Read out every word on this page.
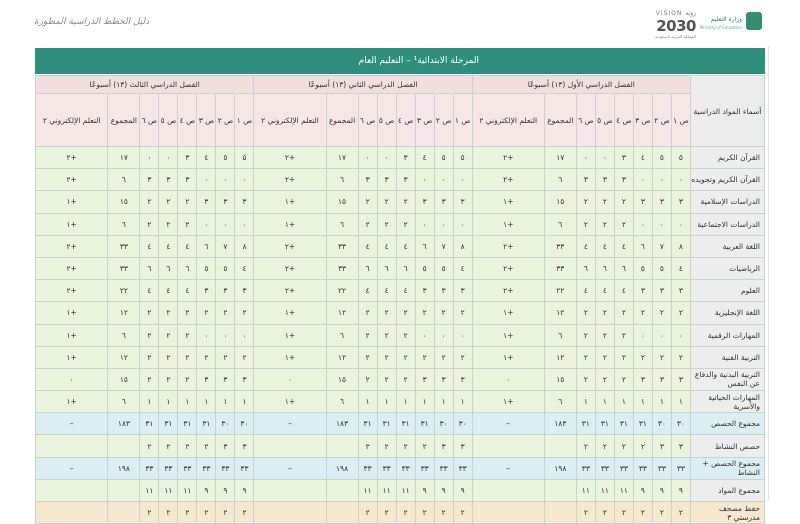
دليل الخطط الدراسية المطورة
VISION رؤية
2030
المملكة العربية السعودية
وزارة التعليم
Ministry of Education
المرحلة الابتدائية¹ – التعليم العام
أسماء المواد الدراسية	الفصل الدراسي الأول (١٣) أسبوعًا								الفصل الدراسي الثاني (١٣) أسبوعًا								الفصل الدراسي الثالث (١٣) أسبوعًا							
	ص ١	ص ٢	ص ٣	ص ٤	ص ٥	ص ٦	المجموع	التعلم الإلكتروني ٢	ص ١	ص ٢	ص ٣	ص ٤	ص ٥	ص ٦	المجموع	التعلم الإلكتروني ٢	ص ١	ص ٢	ص ٣	ص ٤	ص ٥	ص ٦	المجموع	التعلم الإلكتروني ٢
القرآن الكريم	٥	٥	٤	٣	٠	٠	١٧	+٢	٥	٥	٤	٣	٠	٠	١٧	+٢	٥	٥	٤	٣	٠	٠	١٧	+٢
القرآن الكريم وتجويده	٠	٠	٠	٣	٣	٣	٦	+٢	٠	٠	٠	٣	٣	٣	٦	+٢	٠	٠	٠	٣	٣	٣	٦	+٢
الدراسات الإسلامية	٣	٣	٣	٢	٢	٢	١٥	+١	٣	٣	٣	٢	٢	٢	١٥	+١	٣	٣	٣	٢	٢	٢	١٥	+١
الدراسات الاجتماعية	٠	٠	٠	٢	٢	٢	٦	+١	٠	٠	٠	٢	٢	٢	٦	+١	٠	٠	٠	٢	٢	٢	٦	+١
اللغة العربية	٨	٧	٦	٤	٤	٤	٣٣	+٢	٨	٧	٦	٤	٤	٤	٣٣	+٢	٨	٧	٦	٤	٤	٤	٣٣	+٢
الرياضيات	٤	٥	٥	٦	٦	٦	٣٣	+٢	٤	٥	٥	٦	٦	٦	٣٣	+٢	٤	٥	٥	٦	٦	٦	٣٣	+٢
العلوم	٣	٣	٣	٤	٤	٤	٢٢	+٢	٣	٣	٣	٤	٤	٤	٢٢	+٢	٣	٣	٣	٤	٤	٤	٢٢	+٢
اللغة الإنجليزية	٢	٢	٢	٢	٢	٢	١٢	+١	٢	٢	٢	٢	٢	٢	١٢	+١	٢	٢	٢	٢	٢	٢	١٢	+١
المهارات الرقمية	٠	٠	٠	٢	٢	٢	٦	+١	٠	٠	٠	٢	٢	٢	٦	+١	٠	٠	٠	٢	٢	٢	٦	+١
التربية الفنية	٢	٢	٢	٢	٢	٢	١٢	+١	٢	٢	٢	٢	٢	٢	١٢	+١	٢	٢	٢	٢	٢	٢	١٢	+١
التربية البدنية والدفاع عن النفس	٣	٣	٣	٢	٢	٢	١٥	٠	٣	٣	٣	٢	٢	٢	١٥	٠	٣	٣	٣	٢	٢	٢	١٥	٠
المهارات الحياتية والأسرية	١	١	١	١	١	١	٦	+١	١	١	١	١	١	١	٦	+١	١	١	١	١	١	١	٦	+١
مجموع الحصص	٣٠	٣٠	٣١	٣١	٣١	٣١	١٨٣	–	٣٠	٣٠	٣١	٣١	٣١	٣١	١٨٣	–	٣٠	٣٠	٣١	٣١	٣١	٣١	١٨٣	–
حصص النشاط	٣	٣	٢	٢	٢	٢			٣	٣	٢	٢	٢	٢			٣	٣	٢	٢	٢	٢		
مجموع الحصص + النشاط	٣٣	٣٣	٣٣	٣٣	٣٣	٣٣	١٩٨	–	٣٣	٣٣	٣٣	٣٣	٣٣	٣٣	١٩٨	–	٣٣	٣٣	٣٣	٣٣	٣٣	٣٣	١٩٨	–
مجموع المواد	٩	٩	٩	١١	١١	١١			٩	٩	٩	١١	١١	١١			٩	٩	٩	١١	١١	١١		
حفظ مصحف مدرستي ٣	٢	٢	٢	٢	٢	٢			٢	٢	٢	٢	٢	٢			٢	٢	٢	٢	٢	٢		
